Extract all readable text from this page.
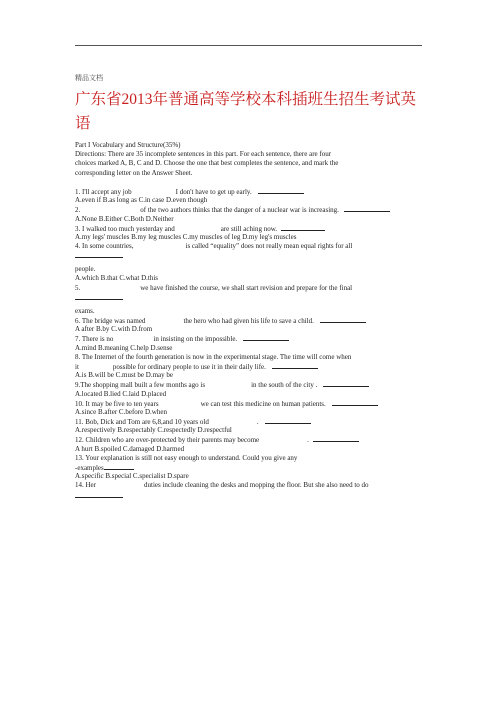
精品文档
广东省2013年普通高等学校本科插班生招生考试英语
Part I Vocabulary and Structure(35%)
Directions: There are 35 incomplete sentences in this part. For each sentence, there are four
choices marked A, B, C and D. Choose the one that best completes the sentence, and mark the
corresponding letter on the Answer Sheet.
1. I'll accept any job	I don't have to get up early.
A.even if B.as long as C.in case D.even though
2.	of the two authors thinks that the danger of a nuclear war is increasing.
A.None B.Either C.Both D.Neither
3. I walked too much yesterday and	are still aching now.
A.my legs' muscles B.my leg muscles C.my muscles of leg D.my leg's muscles
4. In some countries,	is called “equality” does not really mean equal rights for all
people.
A.which B.that C.what D.this
5.	we have finished the course, we shall start revision and prepare for the final
exams.
6. The bridge was named	the hero who had given his life to save a child.
A after B.by C.with D.from
7. There is no	in insisting on the impossible.
A.mind B.meaning C.help D.sense
8. The Internet of the fourth generation is now in the experimental stage. The time will come when
it	possible for ordinary people to use it in their daily life.
A.is B.will be C.must be D.may be
9.The shopping mall built a few months ago is	in the south of the city .
A.located B.lied C.laid D.placed
10. It may be five to ten years	we can test this medicine on human patients.
A.since B.after C.before D.when
11. Bob, Dick and Tom are 6,8,and 10 years old	.
A.respectively B.respectably C.respectedly D.respectful
12. Children who are over-protected by their parents may become	.
A hurt B.spoiled C.damaged D.harmed
13. Your explanation is still not easy enough to understand. Could you give any
-examples
A.specific B.special C.specialist D.spare
14. Her	duties include cleaning the desks and mopping the floor. But she also need to do
